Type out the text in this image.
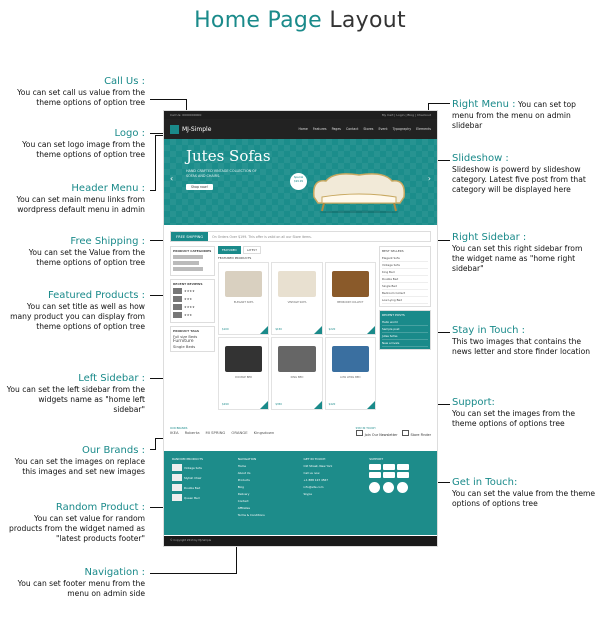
Home Page Layout
Call Us :
You can set call us value from the theme options of option tree
Logo :
You can set logo image from the theme options of option tree
Header Menu :
You can set main menu links from wordpress default menu in admin
Free Shipping :
You can set the Value from the theme options of option tree
Featured Products :
You can set title as well as how many product you can display from theme options of option tree
Left Sidebar :
You can set the left sidebar from the widgets name as "home left sidebar"
Our Brands :
You can set the images on replace this images and set new images
Random Product :
You can set value for random products from the widget named as "latest products footer"
Navigation :
You can set footer menu from the menu on admin side
Right Menu : You can set top menu from the menu on admin slidebar
Slideshow :
Slideshow is powerd by slideshow category. Latest five post from that category will be displayed here
Right Sidebar :
You can set this right sidebar from the widget name as "home right sidebar"
Stay in Touch :
This two images that contains the news letter and store finder location
Support:
You can set the images from the theme options of options tree
Get in Touch:
You can set the value from the theme options of options tree
Call Us: 0000000000	My Cart | Login | Blog | Checkout
MJ-Simple	Home Features Pages Contact Stores Event Typography Elements
‹
Jutes Sofas
HAND CRAFTED VINTAGE COLLECTION OF SOFAS AND CHAIRS.
Shop now!
Special $99.99	›
FREE SHIPPING	On Orders Over $199. This offer is valid on all our Store items.
PRODUCT CATEGORIES
RECENT REVIEWS
★★★★
★★★
★★★★
★★★
PRODUCT TAGS
Full size Beds
Furniture
Single Beds
FEATURED	LATEST
FEATURED PRODUCTS
ELEGANT SOFA
$100
VINTAGE SOFA
$150
BEDROOM COLLECT
$220
DOUBLE BED
$299
KING BED
$350
LOW LYING BED
$420
BEST SELLERS
Elegant Sofa
Vintage Sofa
King Bed
Double Bed
Single Bed
Bedroom Collect
Low Lying Bed
RECENT POSTS
Hello world
Sample post
Jutes Sofas
New arrivals
OUR BRANDS
IKEA Roberta MI SPRING ORANGE Kingsdown
STAY IN TOUCH
Join Our Newsletter	Store Finder
RANDOM PRODUCTS
Vintage Sofa
Stylish Chair
Double Bed
Queen Bed
NAVIGATION
Home
About Us
Products
Blog
Delivery
Contact
Affiliates
Terms & Conditions
GET IN TOUCH
Old Street, New York
Call us now
+1 888 123 4567
info@site.com
Skype
SUPPORT
© Copyright 2013 by MJ-Simple
